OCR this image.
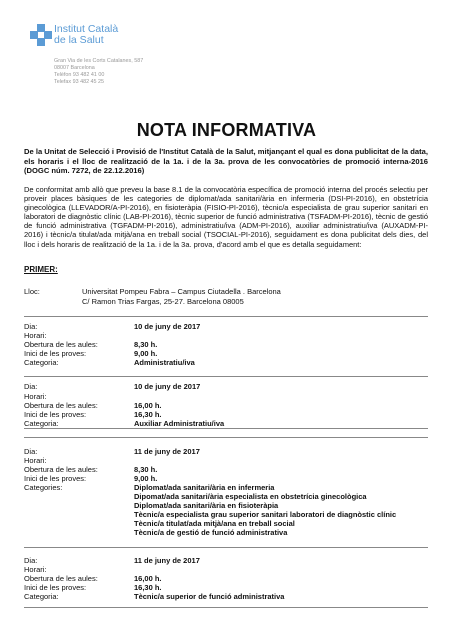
Institut Català
de la Salut
Gran Via de les Corts Catalanes, 587
08007 Barcelona
Telèfon 93 482 41 00
Telefax 93 482 45 25
NOTA INFORMATIVA
De la Unitat de Selecció i Provisió de l'Institut Català de la Salut, mitjançant el qual es dona publicitat de la data, els horaris i el lloc de realització de la 1a. i de la 3a. prova de les convocatòries de promoció interna-2016 (DOGC núm. 7272, de 22.12.2016)
De conformitat amb allò que preveu la base 8.1 de la convocatòria específica de promoció interna del procés selectiu per proveir places bàsiques de les categories de diplomat/ada sanitari/ària en infermeria (DSI-PI-2016), en obstetrícia ginecològica (LLEVADOR/A-PI-2016), en fisioteràpia (FISIO-PI-2016), tècnic/a especialista de grau superior sanitari en laboratori de diagnòstic clínic (LAB-PI-2016), tècnic superior de funció administrativa (TSFADM-PI-2016), tècnic de gestió de funció administrativa (TGFADM-PI-2016), administratiu/iva (ADM-PI-2016), auxiliar administratiu/iva (AUXADM-PI-2016) i tècnic/a titulat/ada mitjà/ana en treball social (TSOCIAL-PI-2016), seguidament es dona publicitat dels dies, del lloc i dels horaris de realització de la 1a. i de la 3a. prova, d'acord amb el que es detalla seguidament:
PRIMER:
Lloc:	Universitat Pompeu Fabra – Campus Ciutadella . Barcelona
C/ Ramon Trias Fargas, 25-27. Barcelona 08005
Dia:	10 de juny de 2017
Horari:
Obertura de les aules:	8,30 h.
Inici de les proves:	9,00 h.
Categoria:	Administratiu/iva
Dia:	10 de juny de 2017
Horari:
Obertura de les aules:	16,00 h.
Inici de les proves:	16,30 h.
Categoria:	Auxiliar Administratiu/iva
Dia:	11 de juny de 2017
Horari:
Obertura de les aules:	8,30 h.
Inici de les proves:	9,00 h.
Categories:	Diplomat/ada sanitari/ària en infermeria
Dipomat/ada sanitari/ària especialista en obstetrícia ginecològica
Diplomat/ada sanitari/ària en fisioteràpia
Tècnic/a especialista grau superior sanitari laboratori de diagnòstic clínic
Tècnic/a titulat/ada mitjà/ana en treball social
Tècnic/a de gestió de funció administrativa
Dia:	11 de juny de 2017
Horari:
Obertura de les aules:	16,00 h.
Inici de les proves:	16,30 h.
Categoria:	Tècnic/a superior de funció administrativa
